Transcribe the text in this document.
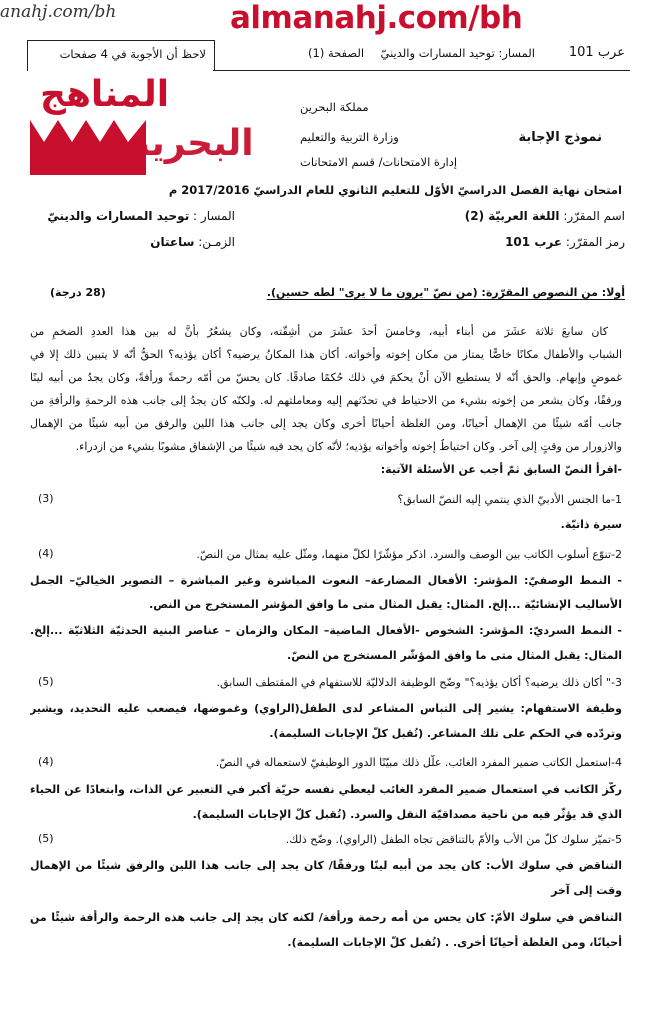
anahj.com/bh	almanahj.com/bh
لاحظ أن الأجوبة في 4 صفحات	عرب 101
المسار: توحيد المسارات والدينيّ
الصفحة (1)
المناهج
البحرينية
مملكة البحرين
وزارة التربية والتعليم
إدارة الامتحانات/ قسم الامتحانات
نموذج الإجابة
امتحان نهاية الفصل الدراسيّ الأوّل للتعليم الثانوي للعام الدراسيّ 2017/2016 م
اسم المقرّر: اللغة العربيّة (2)
المسار : توحيد المسارات والدينيّ
رمز المقرّر: عرب 101
الزمـن: ساعتان
أولا: من النصوص المقرّرة: (من نصّ "يرون ما لا يرى" لطه حسين).
(28 درجة)
كان سابعَ ثلاثة عشَرَ من أبناء أبيه، وخامسَ أحدَ عشَرَ من أشِقّته، وكان يشعُرُ بأنَّ له بين هذا العددِ الضخمِ من
الشباب والأطفال مكانًا خاصًّا يمتاز من مكان إخوته وأخواته. أكان هذا المكانُ يرضيه؟ أكان يؤذيه؟ الحقُّ أنّه لا يتبين ذلك إلا في
غموضٍ وإبهام. والحق أنّه لا يستطيع الآن أنْ يحكمَ في ذلك حُكمًا صادقًا. كان يحسّ من أمّه رحمةً ورأفةً، وكان يجدُ من أبيه لينًا
ورفقًا، وكان يشعر من إخوته بشيء من الاحتياط في تحدّثهم إليه ومعاملتهم له. ولكنّه كان يجدُ إلى جانب هذه الرحمةِ والرأفةِ من
جانب أمّه شيئًا من الإهمال أحيانًا، ومن الغلظة أحيانًا أخرى وكان يجد إلى جانب هذا اللين والرفق من أبيه شيئًا من الإهمال
والازورار من وقتٍ إلى آخر. وكان احتياطُ إخوته وأخواته يؤذيه؛ لأنّه كان يجد فيه شيئًا من الإشفاق مشوبًا بشيء من ازدراء.
-اقرأ النصّ السابق ثمّ أجب عن الأسئلة الآتية:
1-ما الجنس الأدبيّ الذي ينتمي إليه النصّ السابق؟
(3)
سيرة ذاتيّة.
2-تنوّع أسلوب الكاتب بين الوصف والسرد. اذكر مؤشّرًا لكلّ منهما، ومثّل عليه بمثال من النصّ.
(4)
- النمط الوصفيّ: المؤشر: الأفعال المضارعة– النعوت المباشرة وغير المباشرة – التصوير الخياليّ– الجمل
الأساليب الإنشائيّة ...إلخ. المثال: يقبل المثال متى ما وافق المؤشر المستخرج من النص.
- النمط السرديّ: المؤشر: الشخوص -الأفعال الماضية– المكان والزمان – عناصر البنية الحدثيّة الثلاثيّة ...إلخ.
المثال: يقبل المثال متى ما وافق المؤشّر المستخرج من النصّ.
3-" أكان ذلك يرضيه؟ أكان يؤذيه؟" وضّح الوظيفة الدلاليّة للاستفهام في المقتطف السابق.
(5)
وظيفة الاستفهام: يشير إلى التباس المشاعر لدى الطفل(الراوي) وغموضها، فيصعب عليه التحديد، ويشير
وتردّده في الحكم على تلك المشاعر. (تُقبل كلّ الإجابات السليمة).
4-استعمل الكاتب ضمير المفرد الغائب. علّل ذلك مبيّنًا الدور الوظيفيّ لاستعماله في النصّ.
(4)
ركّز الكاتب في استعمال ضمير المفرد الغائب ليعطي نفسه حريّة أكبر في التعبير عن الذات، وابتعادًا عن الحياء
الذي قد يؤثّر فيه من ناحية مصداقيّة النقل والسرد. (تُقبل كلّ الإجابات السليمة).
5-تميّز سلوك كلّ من الأب والأمّ بالتناقض تجاه الطفل (الراوي). وضّح ذلك.
(5)
التناقض في سلوك الأب: كان يجد من أبيه لينًا ورفقًا/ كان يجد إلى جانب هذا اللين والرفق شيئًا من الإهمال
وقت إلى آخر
التناقض في سلوك الأمّ: كان يحس من أمه رحمة ورأفة/ لكنه كان يجد إلى جانب هذه الرحمة والرأفة شيئًا من
أحيانًا، ومن الغلظة أحيانًا أخرى. . (تُقبل كلّ الإجابات السليمة).
